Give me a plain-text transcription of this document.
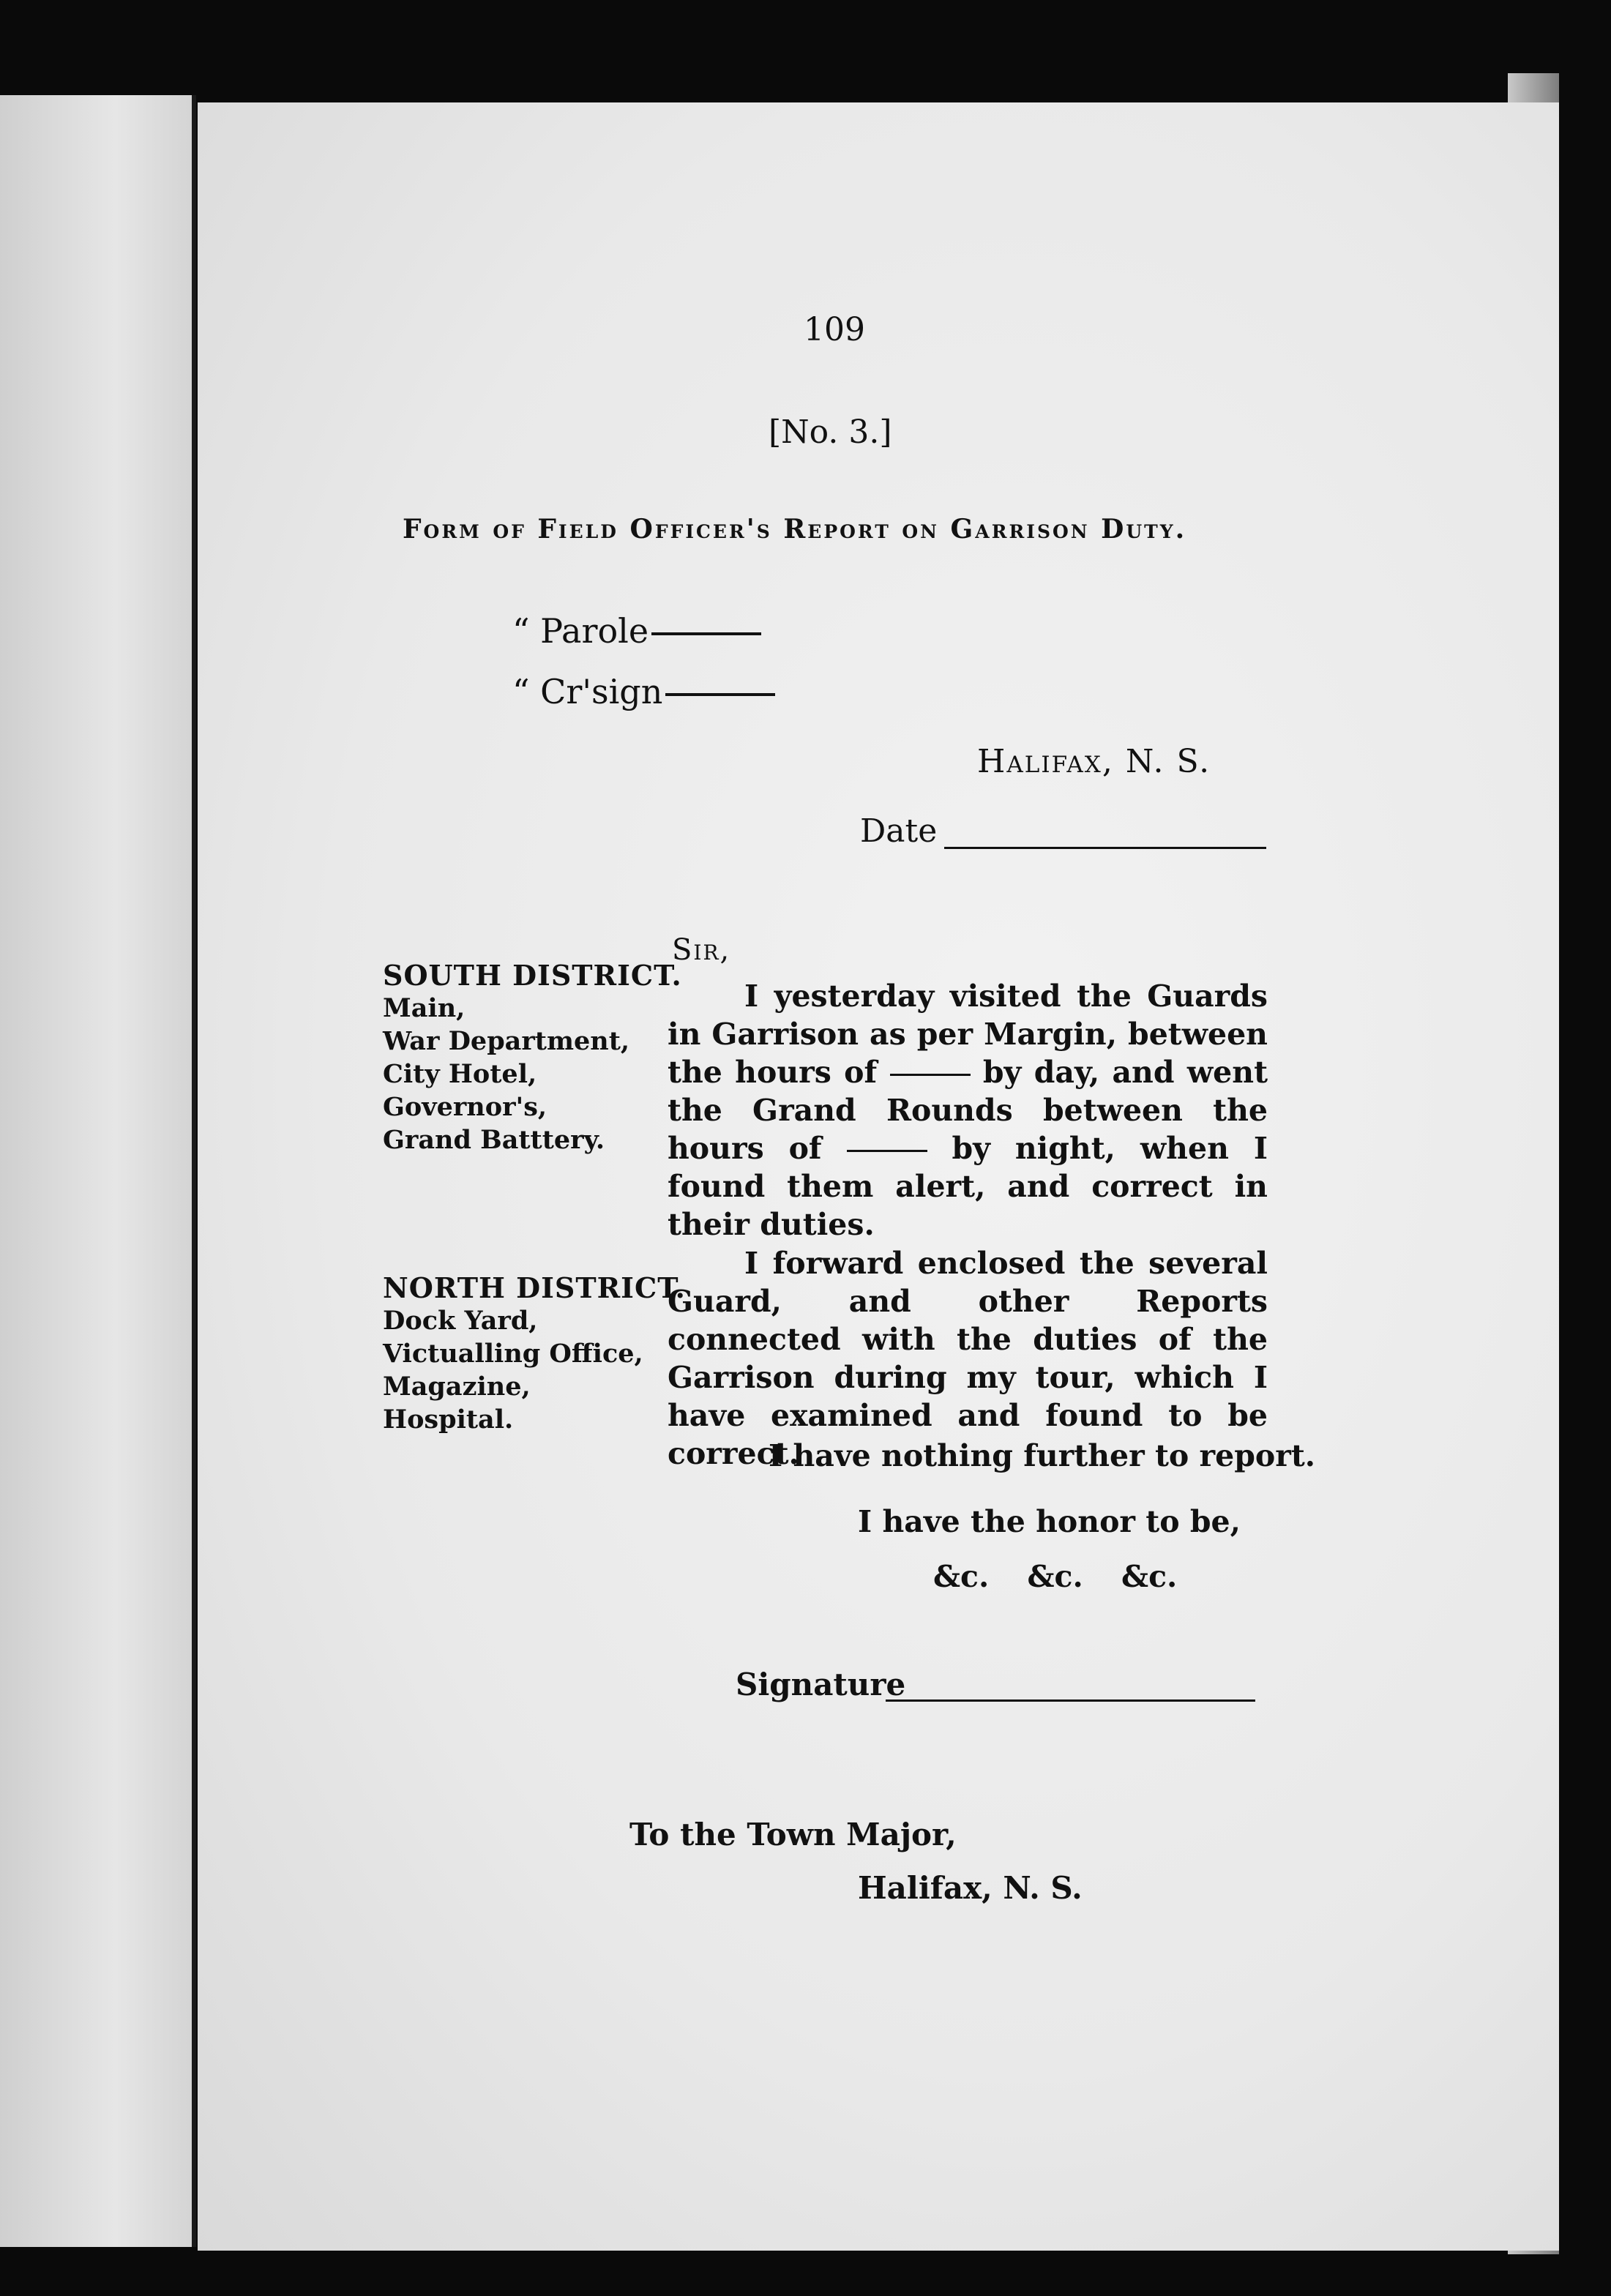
109
[No. 3.]
Form of Field Officer's Report on Garrison Duty.
“ Parole
“ Cr'sign
Halifax, N. S.
Date
Sir,
SOUTH DISTRICT.
Main,
War Department,
City Hotel,
Governor's,
Grand Batttery.
NORTH DISTRICT.
Dock Yard,
Victualling Office,
Magazine,
Hospital.
I yesterday visited the Guards in Garrison as per Margin, between the hours of	by day, and went the Grand Rounds between the hours of	by night, when I found them alert, and correct in their duties.
I forward enclosed the several Guard, and other Reports connected with the duties of the Garrison during my tour, which I have examined and found to be correct.
I have nothing further to report.
I have the honor to be,
&c. &c. &c.
Signature
To the Town Major,
Halifax, N. S.
